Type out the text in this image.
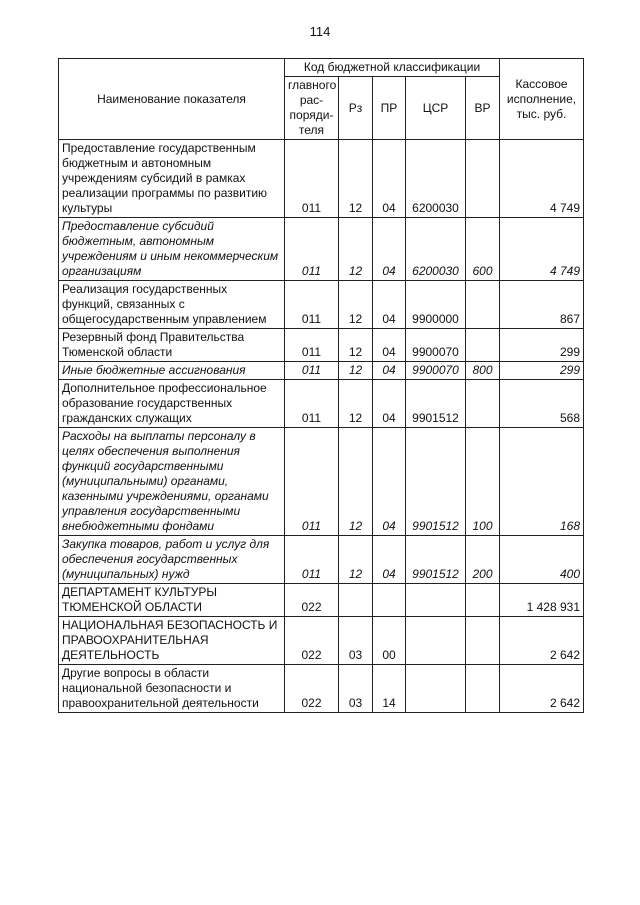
114
Наименование показателя	Код бюджетной классификации					Кассовое исполнение, тыс. руб.
	главного рас-поряди-теля	Рз	ПР	ЦСР	ВР	
Предоставление государственным бюджетным и автономным учреждениям субсидий в рамках реализации программы по развитию культуры	011	12	04	6200030		4 749
Предоставление субсидий бюджетным, автономным учреждениям и иным некоммерческим организациям	011	12	04	6200030	600	4 749
Реализация государственных функций, связанных с общегосударственным управлением	011	12	04	9900000		867
Резервный фонд Правительства Тюменской области	011	12	04	9900070		299
Иные бюджетные ассигнования	011	12	04	9900070	800	299
Дополнительное профессиональное образование государственных гражданских служащих	011	12	04	9901512		568
Расходы на выплаты персоналу в целях обеспечения выполнения функций государственными (муниципальными) органами, казенными учреждениями, органами управления государственными внебюджетными фондами	011	12	04	9901512	100	168
Закупка товаров, работ и услуг для обеспечения государственных (муниципальных) нужд	011	12	04	9901512	200	400
ДЕПАРТАМЕНТ КУЛЬТУРЫ ТЮМЕНСКОЙ ОБЛАСТИ	022					1 428 931
НАЦИОНАЛЬНАЯ БЕЗОПАСНОСТЬ И ПРАВООХРАНИТЕЛЬНАЯ ДЕЯТЕЛЬНОСТЬ	022	03	00			2 642
Другие вопросы в области национальной безопасности и правоохранительной деятельности	022	03	14			2 642
